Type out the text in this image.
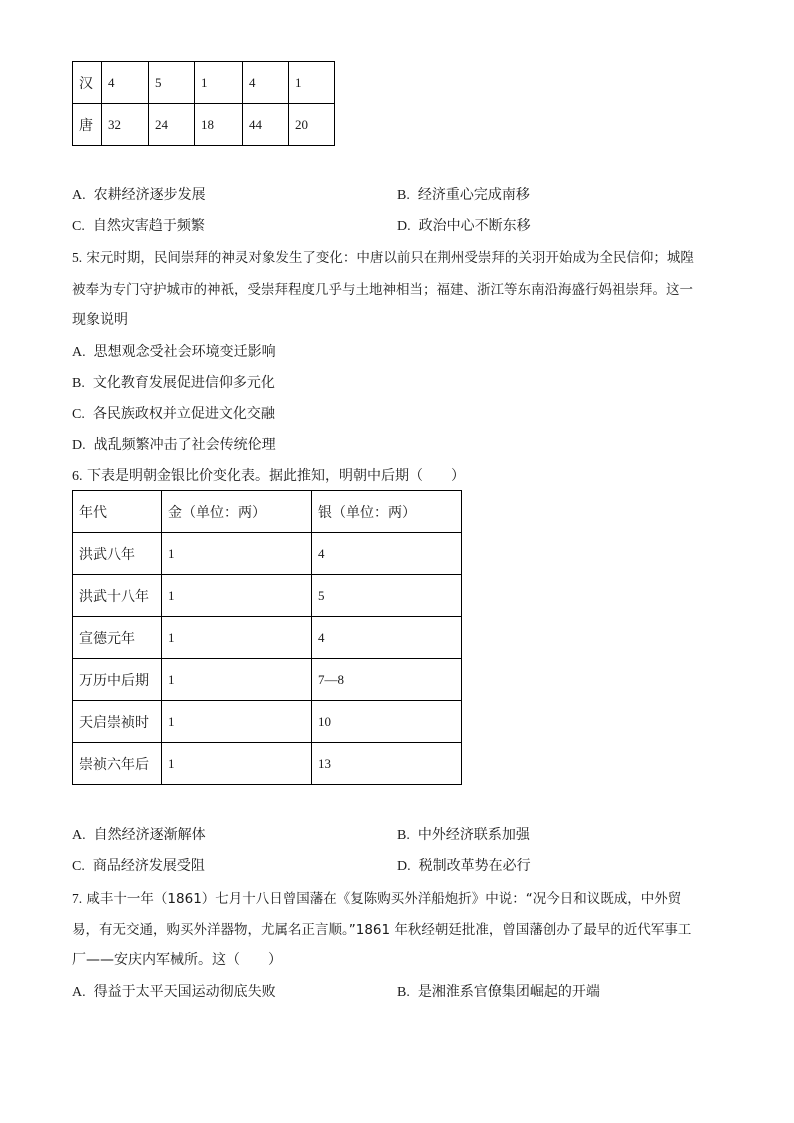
汉	4	5	1	4	1
唐	32	24	18	44	20
A. 农耕经济逐步发展	B. 经济重心完成南移
C. 自然灾害趋于频繁	D. 政治中心不断东移
5. 宋元时期，民间崇拜的神灵对象发生了变化：中唐以前只在荆州受崇拜的关羽开始成为全民信仰；城隍
被奉为专门守护城市的神祇，受崇拜程度几乎与土地神相当；福建、浙江等东南沿海盛行妈祖崇拜。这一
现象说明
A. 思想观念受社会环境变迁影响
B. 文化教育发展促进信仰多元化
C. 各民族政权并立促进文化交融
D. 战乱频繁冲击了社会传统伦理
6. 下表是明朝金银比价变化表。据此推知，明朝中后期（　　）
年代	金（单位：两）	银（单位：两）
洪武八年	1	4
洪武十八年	1	5
宣德元年	1	4
万历中后期	1	7—8
天启崇祯时	1	10
崇祯六年后	1	13
A. 自然经济逐渐解体	B. 中外经济联系加强
C. 商品经济发展受阻	D. 税制改革势在必行
7. 咸丰十一年（1861）七月十八日曾国藩在《复陈购买外洋船炮折》中说：“况今日和议既成，中外贸
易，有无交通，购买外洋器物，尤属名正言顺。”1861 年秋经朝廷批准，曾国藩创办了最早的近代军事工
厂——安庆内军械所。这（　　）
A. 得益于太平天国运动彻底失败	B. 是湘淮系官僚集团崛起的开端
